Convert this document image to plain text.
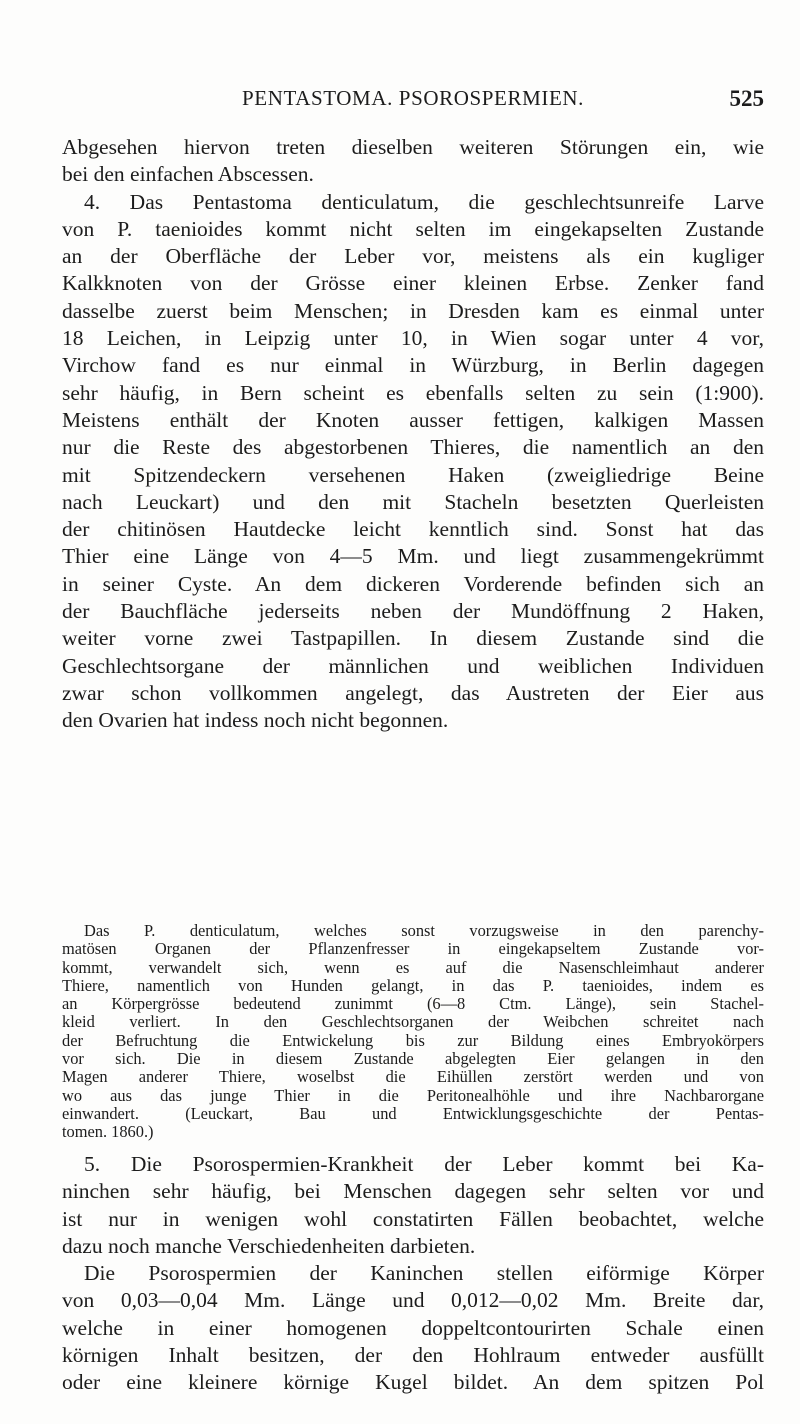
PENTASTOMA. PSOROSPERMIEN.	525
Abgesehen hiervon treten dieselben weiteren Störungen ein, wie
bei den einfachen Abscessen.
4. Das Pentastoma denticulatum, die geschlechtsunreife Larve
von P. taenioides kommt nicht selten im eingekapselten Zustande
an der Oberfläche der Leber vor, meistens als ein kugliger
Kalkknoten von der Grösse einer kleinen Erbse. Zenker fand
dasselbe zuerst beim Menschen; in Dresden kam es einmal unter
18 Leichen, in Leipzig unter 10, in Wien sogar unter 4 vor,
Virchow fand es nur einmal in Würzburg, in Berlin dagegen
sehr häufig, in Bern scheint es ebenfalls selten zu sein (1:900).
Meistens enthält der Knoten ausser fettigen, kalkigen Massen
nur die Reste des abgestorbenen Thieres, die namentlich an den
mit Spitzendeckern versehenen Haken (zweigliedrige Beine
nach Leuckart) und den mit Stacheln besetzten Querleisten
der chitinösen Hautdecke leicht kenntlich sind. Sonst hat das
Thier eine Länge von 4—5 Mm. und liegt zusammengekrümmt
in seiner Cyste. An dem dickeren Vorderende befinden sich an
der Bauchfläche jederseits neben der Mundöffnung 2 Haken,
weiter vorne zwei Tastpapillen. In diesem Zustande sind die
Geschlechtsorgane der männlichen und weiblichen Individuen
zwar schon vollkommen angelegt, das Austreten der Eier aus
den Ovarien hat indess noch nicht begonnen.
Das P. denticulatum, welches sonst vorzugsweise in den parenchy-
matösen Organen der Pflanzenfresser in eingekapseltem Zustande vor-
kommt, verwandelt sich, wenn es auf die Nasenschleimhaut anderer
Thiere, namentlich von Hunden gelangt, in das P. taenioides, indem es
an Körpergrösse bedeutend zunimmt (6—8 Ctm. Länge), sein Stachel-
kleid verliert. In den Geschlechtsorganen der Weibchen schreitet nach
der Befruchtung die Entwickelung bis zur Bildung eines Embryokörpers
vor sich. Die in diesem Zustande abgelegten Eier gelangen in den
Magen anderer Thiere, woselbst die Eihüllen zerstört werden und von
wo aus das junge Thier in die Peritonealhöhle und ihre Nachbarorgane
einwandert. (Leuckart, Bau und Entwicklungsgeschichte der Pentas-
tomen. 1860.)
5. Die Psorospermien-Krankheit der Leber kommt bei Ka-
ninchen sehr häufig, bei Menschen dagegen sehr selten vor und
ist nur in wenigen wohl constatirten Fällen beobachtet, welche
dazu noch manche Verschiedenheiten darbieten.
Die Psorospermien der Kaninchen stellen eiförmige Körper
von 0,03—0,04 Mm. Länge und 0,012—0,02 Mm. Breite dar,
welche in einer homogenen doppeltcontourirten Schale einen
körnigen Inhalt besitzen, der den Hohlraum entweder ausfüllt
oder eine kleinere körnige Kugel bildet. An dem spitzen Pol
